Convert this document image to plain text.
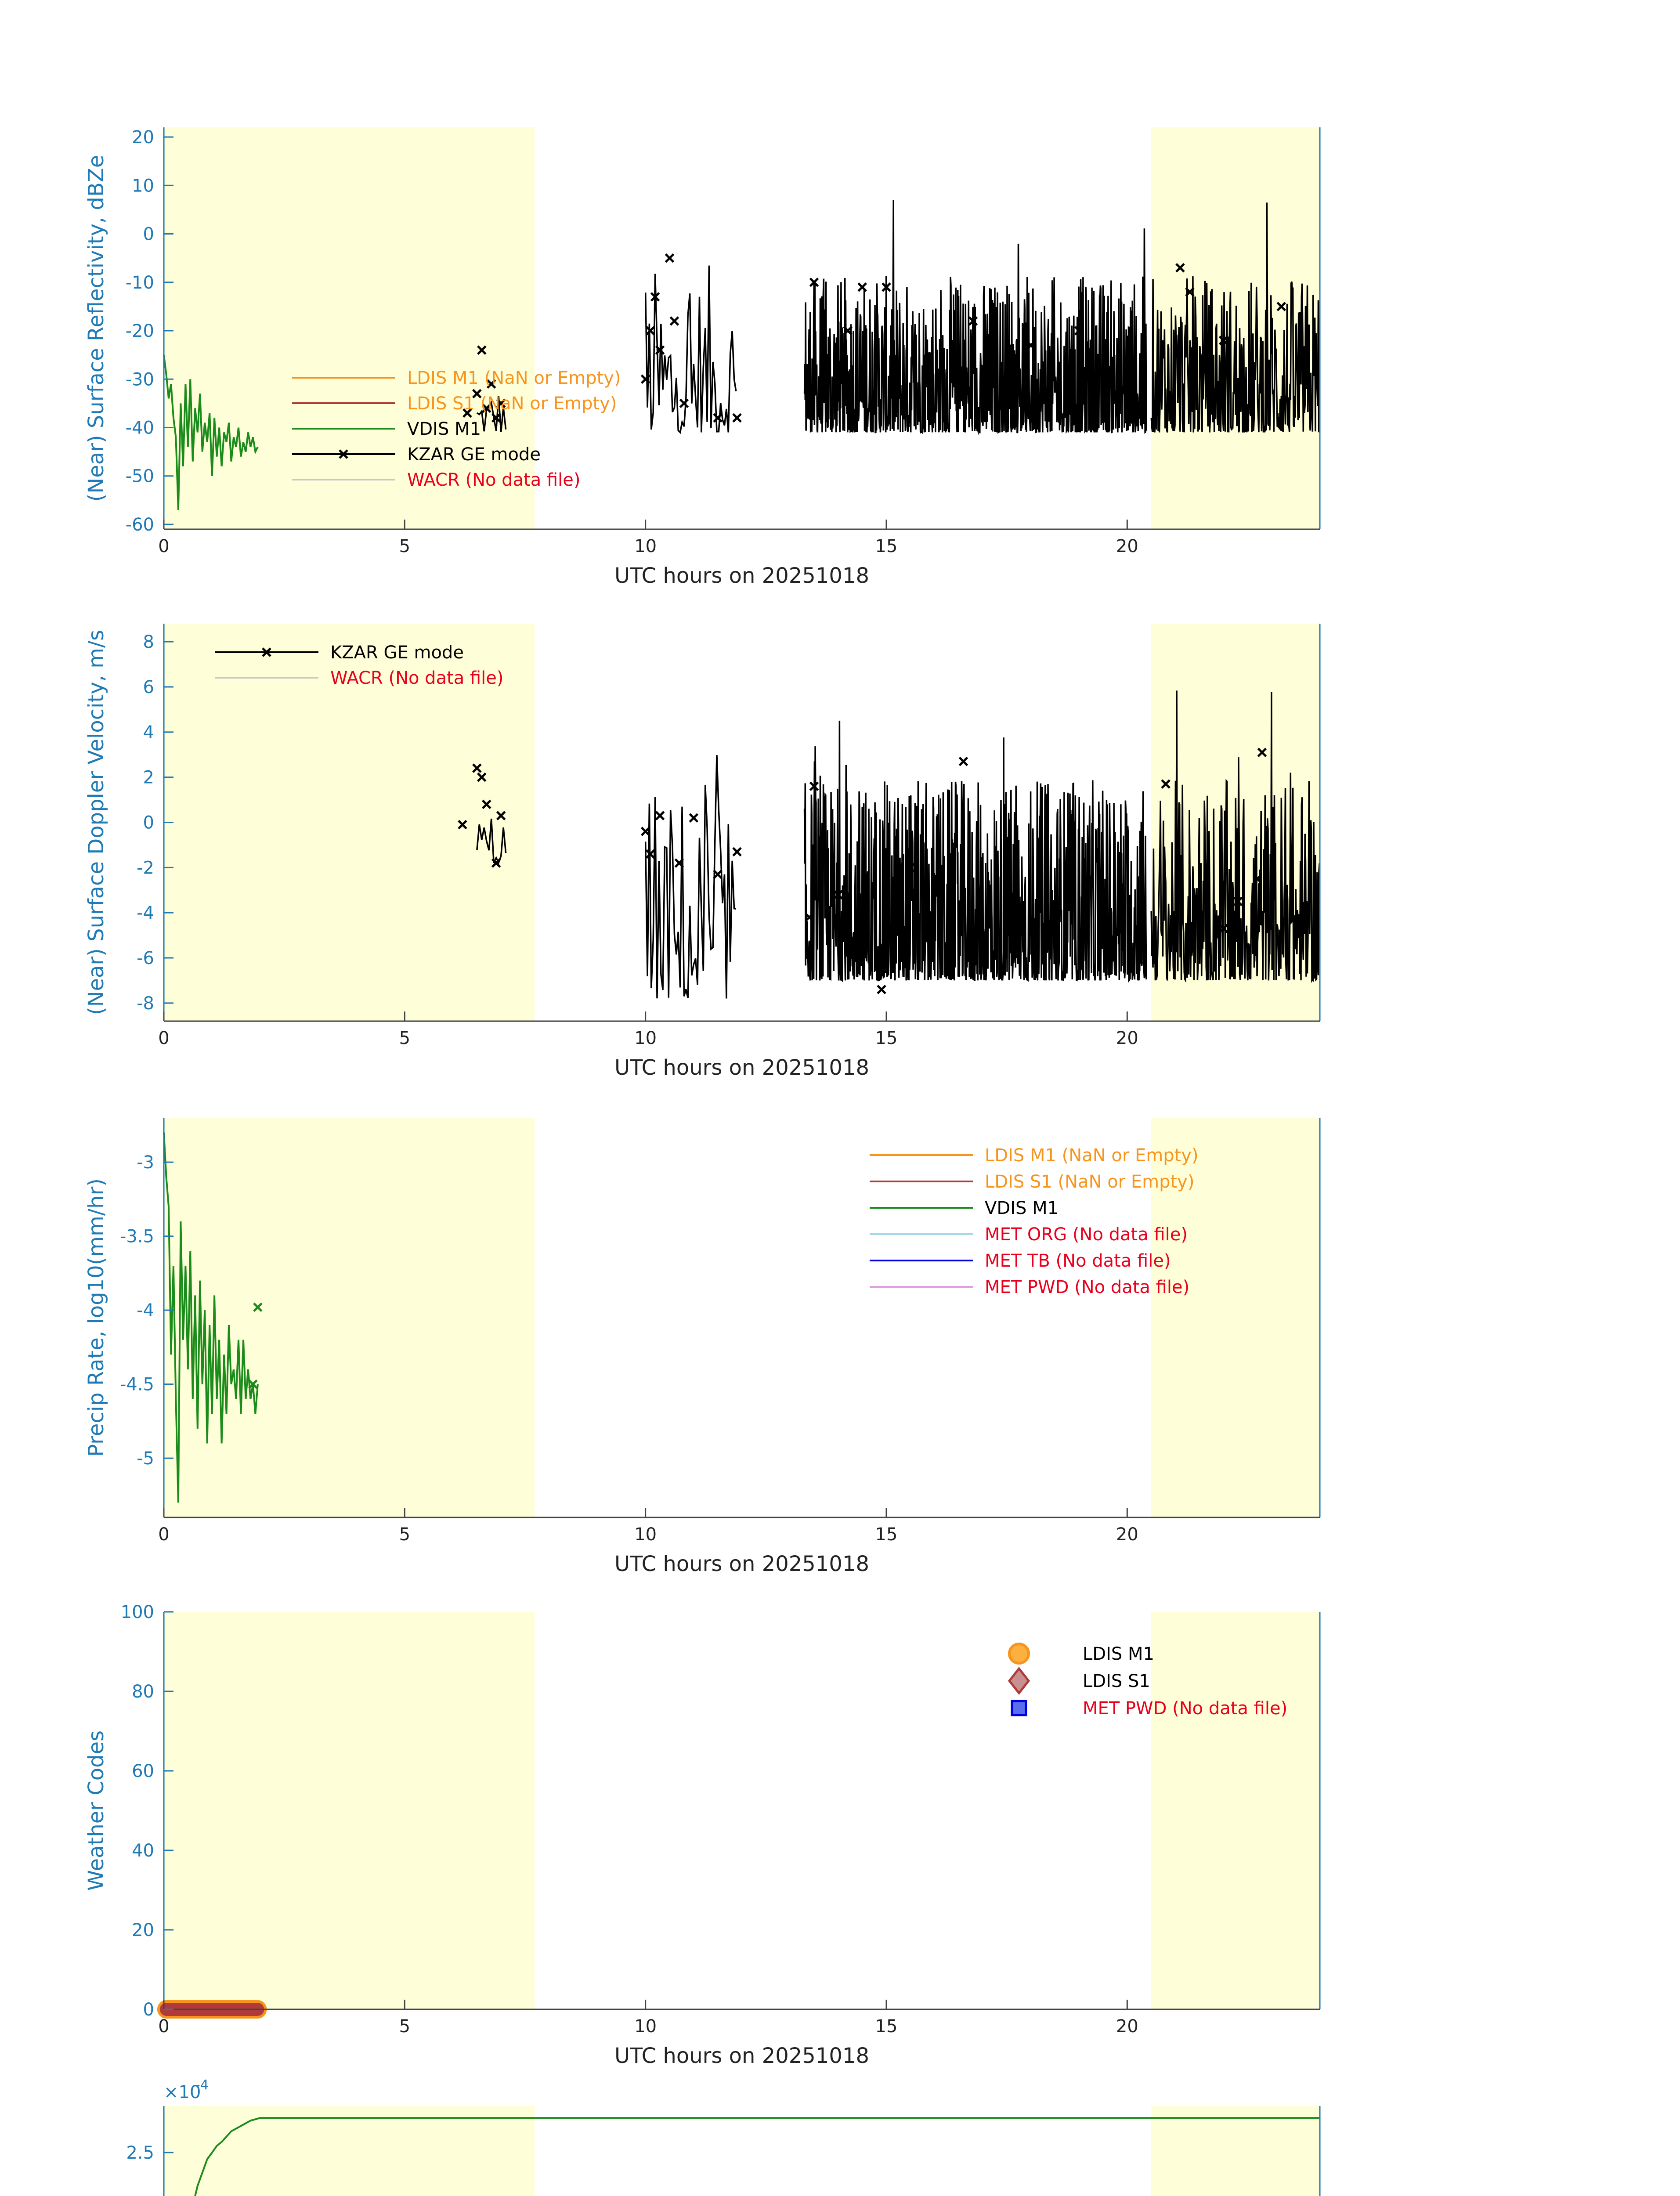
0	5	10	15	20
20
10
0
-10
-20
-30
-40
-50
-60
UTC hours on 20251018
(Near) Surface Reflectivity, dBZe	LDIS M1 (NaN or Empty)
LDIS S1 (NaN or Empty)
VDIS M1
KZAR GE mode
WACR (No data file)
0	5	10	15	20
8
6
4
2
0
-2
-4
-6
-8
UTC hours on 20251018
(Near) Surface Doppler Velocity, m/s	KZAR GE mode
WACR (No data file)
0	5	10	15	20
-3
-3.5
-4
-4.5
-5
UTC hours on 20251018
Precip Rate, log10(mm/hr)
LDIS M1 (NaN or Empty)
LDIS S1 (NaN or Empty)
VDIS M1
MET ORG (No data file)
MET TB (No data file)
MET PWD (No data file)
0	5	10	15	20
100
80
60
40
20
0
UTC hours on 20251018
Weather Codes
LDIS M1
LDIS S1
MET PWD (No data file)
2.5
×10
-4
